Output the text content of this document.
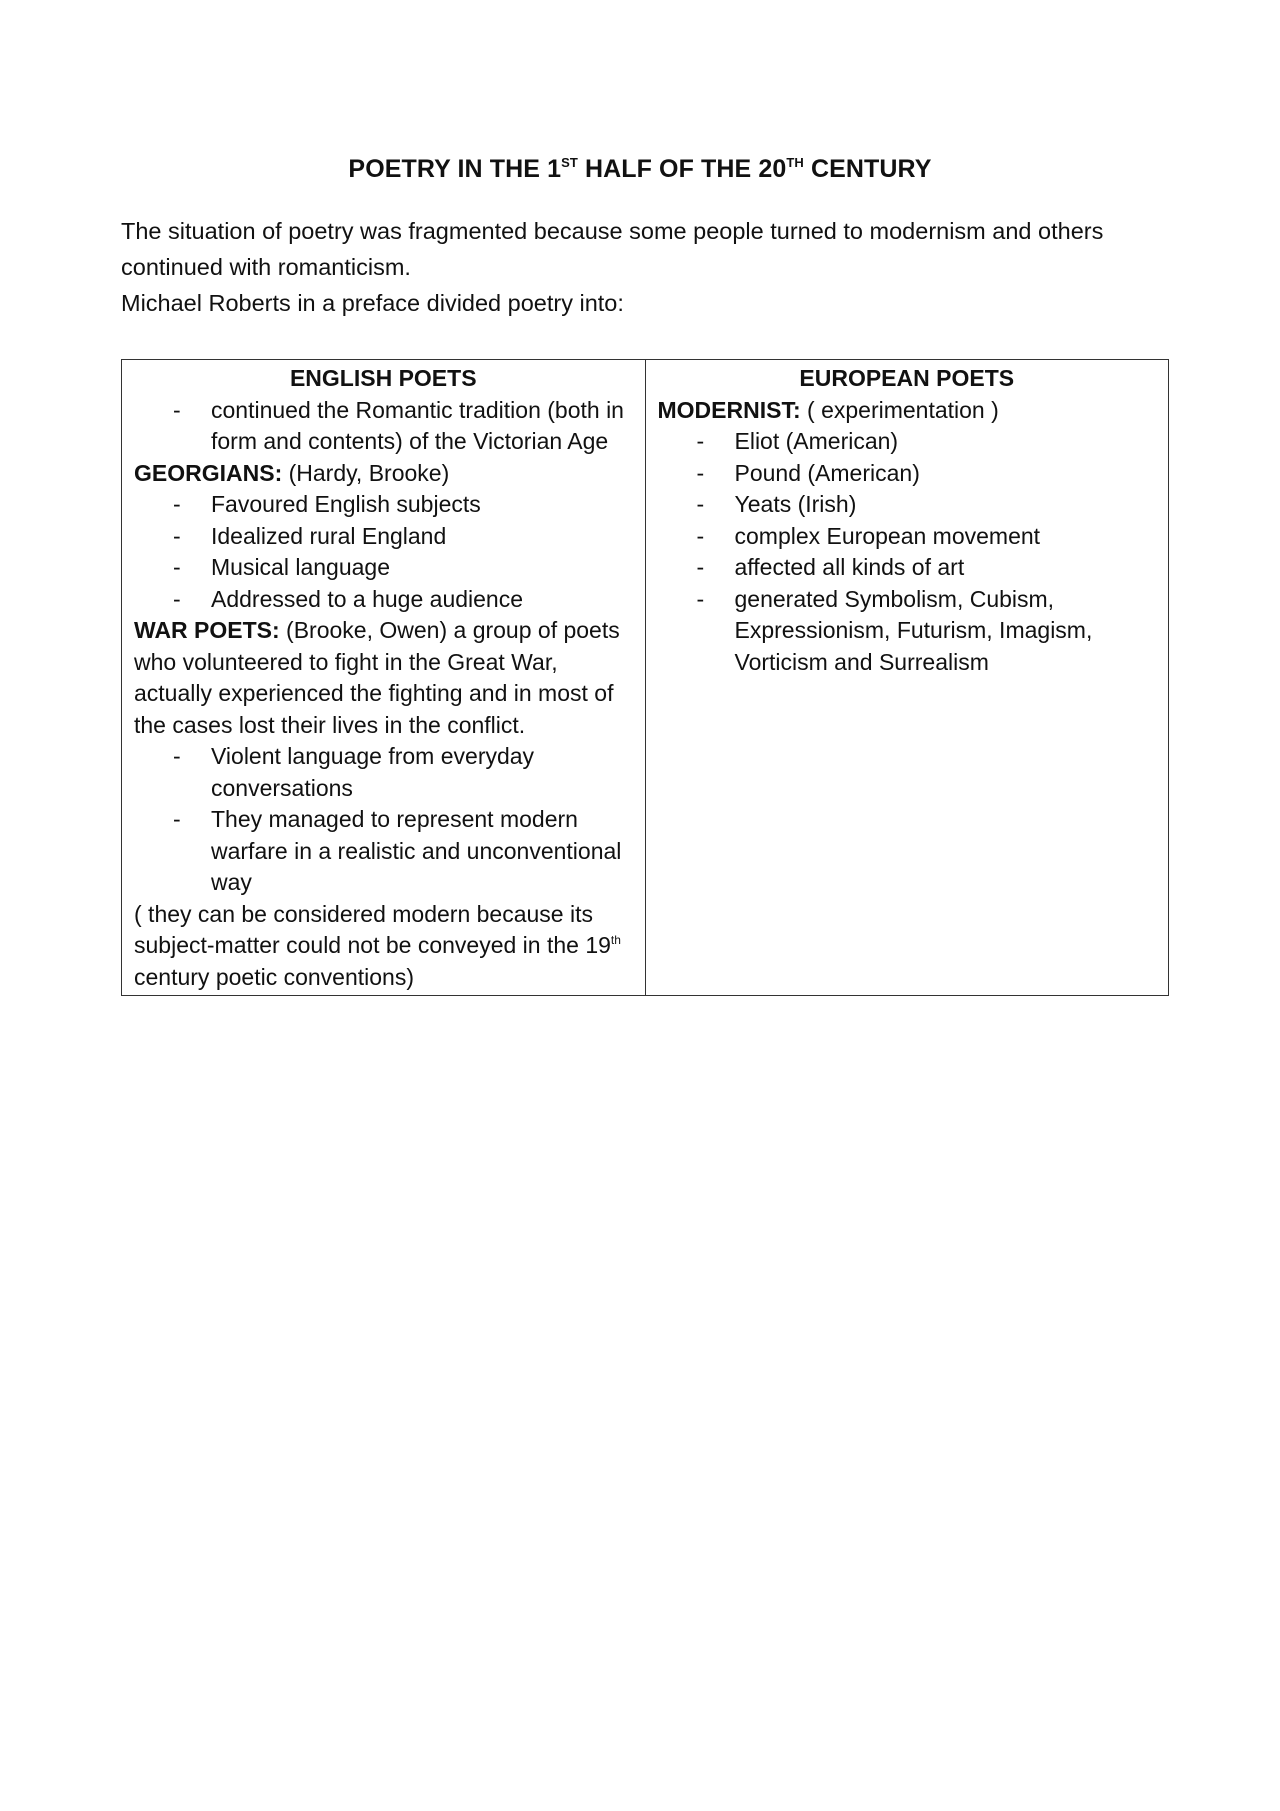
POETRY IN THE 1ST HALF OF THE 20TH CENTURY

The situation of poetry was fragmented because some people turned to modernism and others continued with romanticism.

Michael Roberts in a preface divided poetry into:

ENGLISH POETS
- continued the Romantic tradition (both in form and contents) of the Victorian Age

GEORGIANS: (Hardy, Brooke)

- Favoured English subjects
- Idealized rural England
- Musical language
- Addressed to a huge audience

WAR POETS: (Brooke, Owen) a group of poets who volunteered to fight in the Great War, actually experienced the fighting and in most of the cases lost their lives in the conflict.

- Violent language from everyday conversations
- They managed to represent modern warfare in a realistic and unconventional way

( they can be considered modern because its subject-matter could not be conveyed in the 19th century poetic conventions)

EUROPEAN POETS

MODERNIST: ( experimentation )

- Eliot (American)
- Pound (American)
- Yeats (Irish)
- complex European movement
- affected all kinds of art
- generated Symbolism, Cubism, Expressionism, Futurism, Imagism, Vorticism and Surrealism
